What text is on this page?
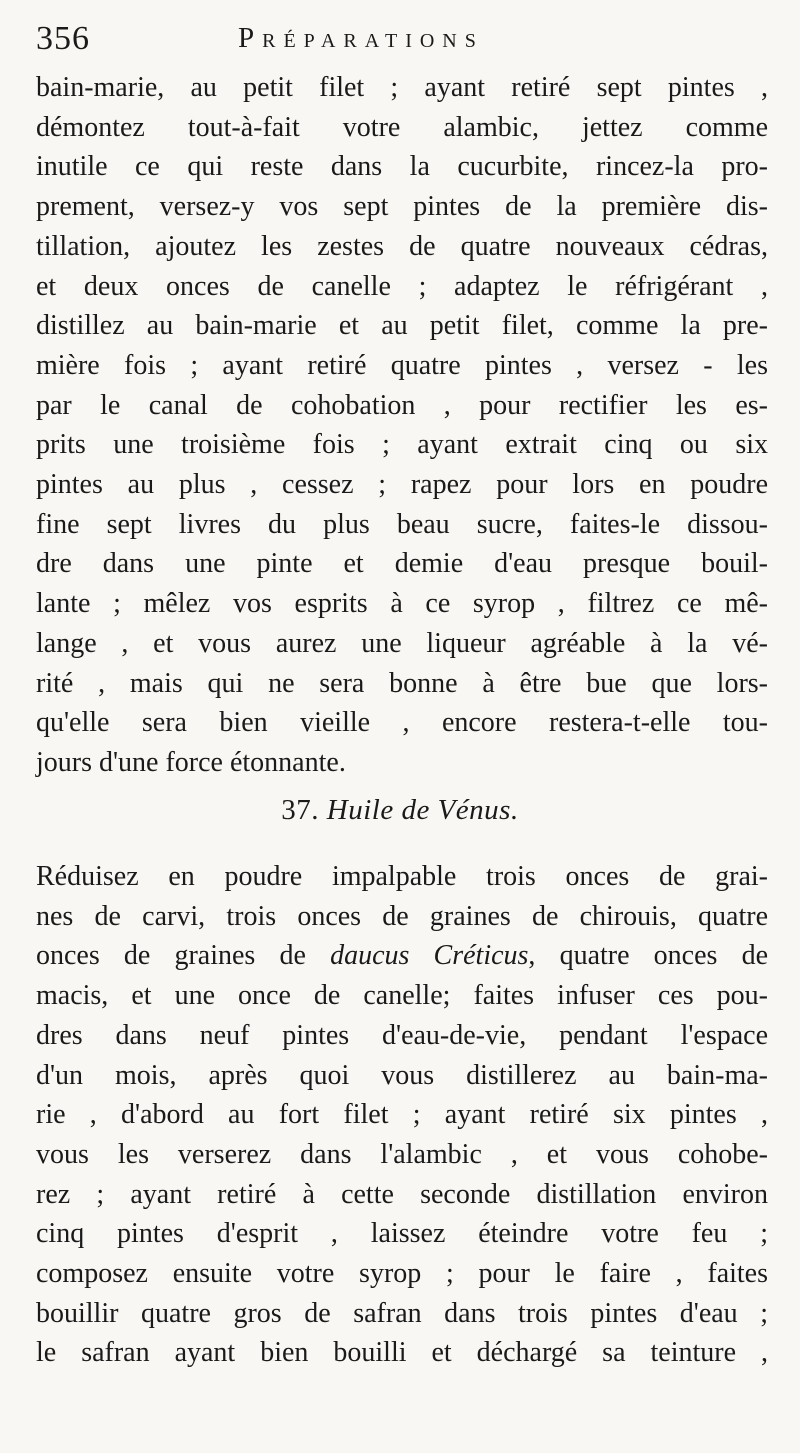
356	Préparations
bain-marie, au petit filet ; ayant retiré sept pintes ,
démontez tout-à-fait votre alambic, jettez comme
inutile ce qui reste dans la cucurbite, rincez-la pro-
prement, versez-y vos sept pintes de la première dis-
tillation, ajoutez les zestes de quatre nouveaux cédras,
et deux onces de canelle ; adaptez le réfrigérant ,
distillez au bain-marie et au petit filet, comme la pre-
mière fois ; ayant retiré quatre pintes , versez - les
par le canal de cohobation , pour rectifier les es-
prits une troisième fois ; ayant extrait cinq ou six
pintes au plus , cessez ; rapez pour lors en poudre
fine sept livres du plus beau sucre, faites-le dissou-
dre dans une pinte et demie d'eau presque bouil-
lante ; mêlez vos esprits à ce syrop , filtrez ce mê-
lange , et vous aurez une liqueur agréable à la vé-
rité , mais qui ne sera bonne à être bue que lors-
qu'elle sera bien vieille , encore restera-t-elle tou-
jours d'une force étonnante.
37. Huile de Vénus.
Réduisez en poudre impalpable trois onces de grai-
nes de carvi, trois onces de graines de chirouis, quatre
onces de graines de daucus Créticus, quatre onces de
macis, et une once de canelle; faites infuser ces pou-
dres dans neuf pintes d'eau-de-vie, pendant l'espace
d'un mois, après quoi vous distillerez au bain-ma-
rie , d'abord au fort filet ; ayant retiré six pintes ,
vous les verserez dans l'alambic , et vous cohobe-
rez ; ayant retiré à cette seconde distillation environ
cinq pintes d'esprit , laissez éteindre votre feu ;
composez ensuite votre syrop ; pour le faire , faites
bouillir quatre gros de safran dans trois pintes d'eau ;
le safran ayant bien bouilli et déchargé sa teinture ,
